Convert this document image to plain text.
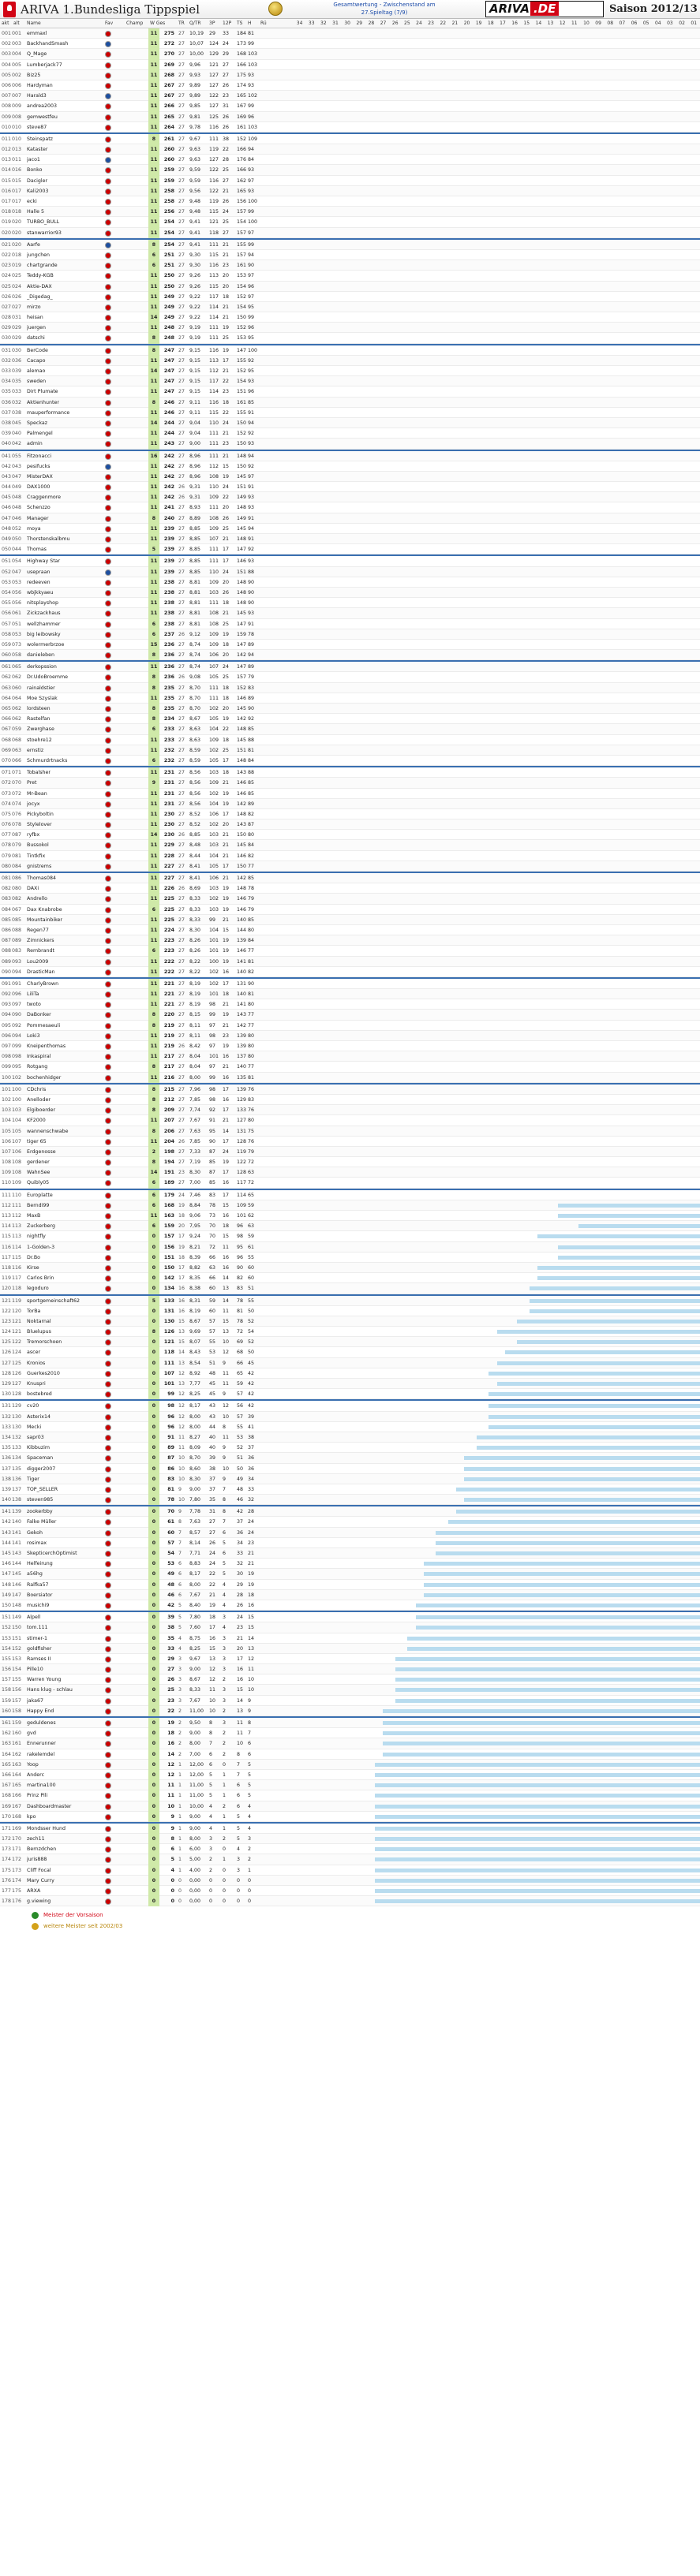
ARIVA 1.Bundesliga Tippspiel	Gesamtwertung - Zwischenstand am
27.Spieltag (7/9)	ARIVA .DE	Saison 2012/13
akt alt Name	Fav	Champ W Ges	TR Q/TR 3P 12P TS H Rü	34	33	32	31	30	29	28	27	26	25	24	23	22	21	20	19	18	17	16	15	14	13	12	11	10	09	08	07	06	05	04	03	02	01
001 001	emmaxl	11	275 27 10,19	29	33	184 81
002 003	BackhandSmash	11	272 27 10,07	124 24	173 99
003 004	Q_Mage	11	270 27 10,00	129 29	168 103
004 005	Lumberjack77	11	269 27 9,96	121 27	166 103
005 002	Biz25	11	268 27 9,93	127 27	175 93
006 006	Hardyman	11	267 27 9,89	127 26	174 93
007 007	Harald3	11	267 27 9,89	122 23	165 102
008 009	andrea2003	11	266 27 9,85	127 31	167 99
009 008	gemwestfeu	11	265 27 9,81	125 26	169 96
010 010	steve87	11	264 27 9,78	116 26	161 103
011 010	Steinspatz	8	261 27 9,67	111 38	152 109
012 013	Kataster	11	260 27 9,63	119 22	166 94
013 011	jaco1	11	260 27 9,63	127 28	176 84
014 016	Bonko	11	259 27 9,59	122 25	166 93
015 015	Dacigler	11	259 27 9,59	116 27	162 97
016 017	Kali2003	11	258 27 9,56	122 21	165 93
017 017	ecki	11	258 27 9,48	119 26	156 100
018 018	Halle 5	11	256 27 9,48	115 24	157 99
019 020	TURBO_BULL	11	254 27 9,41	121 25	154 100
020 020	stanwarrior93	11	254 27 9,41	118 27	157 97
021 020	Aarfe	8	254 27 9,41	111 21	155 99
022 018	jungchen	6	251 27 9,30	115 21	157 94
023 019	chartgrande	6	251 27 9,30	116 23	161 90
024 025	Teddy-KGB	11	250 27 9,26	113 20	153 97
025 024	Aktie-DAX	11	250 27 9,26	115 20	154 96
026 026	_Digedag_	11	249 27 9,22	117 18	152 97
027 027	mirzo	11	249 27 9,22	114 21	154 95
028 031	heisan	14	249 27 9,22	114 21	150 99
029 029	juergen	11	248 27 9,19	111 19	152 96
030 029	datschi	8	248 27 9,19	111 25	153 95
031 030	BerCode	8	247 27 9,15	116 19	147 100
032 036	Cacapo	11	247 27 9,15	113 17	155 92
033 039	alemao	14	247 27 9,15	112 21	152 95
034 035	sweden	11	247 27 9,15	117 22	154 93
035 033	Dirt Plumate	11	247 27 9,15	114 23	151 96
036 032	Aktienhunter	8	246 27 9,11	116 18	161 85
037 038	mauperformance	11	246 27 9,11	115 22	155 91
038 045	Speckaz	14	244 27 9,04	110 24	150 94
039 040	Palmengel	11	244 27 9,04	111 21	152 92
040 042	admin	11	243 27 9,00	111 23	150 93
041 055	Fitzonacci	16	242 27 8,96	111 21	148 94
042 043	pesifucks	11	242 27 8,96	112 15	150 92
043 047	MisterDAX	11	242 27 8,96	108 19	145 97
044 049	DAX1000	11	242 26 9,31	110 24	151 91
045 048	Craggenmore	11	242 26 9,31	109 22	149 93
046 048	Schenzzo	11	241 27 8,93	111 20	148 93
047 046	Manager	8	240 27 8,89	108 26	149 91
048 052	moya	11	239 27 8,85	109 25	145 94
049 050	Thorstenskalbmu	11	239 27 8,85	107 21	148 91
050 044	Thomas	5	239 27 8,85	111 17	147 92
051 054	Highway Star	11	239 27 8,85	111 17	146 93
052 047	usepraan	11	239 27 8,85	110 24	151 88
053 053	redeeven	11	238 27 8,81	109 20	148 90
054 056	wbjkkyaeu	11	238 27 8,81	103 26	148 90
055 056	nitsplayshop	11	238 27 8,81	111 18	148 90
056 061	Zickzackhaus	11	238 27 8,81	108 21	145 93
057 051	wellzhammer	6	238 27 8,81	108 25	147 91
058 053	big leibowsky	6	237 26 9,12	109 19	159 78
059 073	wolermerbrzoe	15	236 27 8,74	109 18	147 89
060 058	danieleben	8	236 27 8,74	106 20	142 94
061 065	derkopssion	11	236 27 8,74	107 24	147 89
062 062	Dr.UdoBroemme	8	236 26 9,08	105 25	157 79
063 060	rainaldstier	8	235 27 8,70	111 18	152 83
064 064	Moe Szyslak	11	235 27 8,70	111 18	146 89
065 062	lordsteen	8	235 27 8,70	102 20	145 90
066 062	Rastelfan	8	234 27 8,67	105 19	142 92
067 059	Zwerghase	6	233 27 8,63	104 22	148 85
068 068	stoehre12	11	233 27 8,63	109 18	145 88
069 063	ernstiz	11	232 27 8,59	102 25	151 81
070 066	Schmurdrtnacks	6	232 27 8,59	105 17	148 84
071 071	Tobalsher	11	231 27 8,56	103 18	143 88
072 070	Pret	9	231 27 8,56	109 21	146 85
073 072	Mr-Bean	11	231 27 8,56	102 19	146 85
074 074	jocyx	11	231 27 8,56	104 19	142 89
075 076	Pickyboltin	11	230 27 8,52	106 17	148 82
076 078	Stylelover	11	230 27 8,52	102 20	143 87
077 087	ryfbx	14	230 26 8,85	103 21	150 80
078 079	Bussokol	11	229 27 8,48	103 21	145 84
079 081	Tintkfix	11	228 27 8,44	104 21	146 82
080 084	gnistrems	11	227 27 8,41	105 17	150 77
081 086	Thomas084	11	227 27 8,41	106 21	142 85
082 080	DAXi	11	226 26 8,69	103 19	148 78
083 082	Andrello	11	225 27 8,33	102 19	146 79
084 067	Dax Knabrobe	6	225 27 8,33	103 19	146 79
085 085	Mountainbiker	11	225 27 8,33	99	21	140 85
086 088	Regen77	11	224 27 8,30	104 15	144 80
087 089	Zimnickers	11	223 27 8,26	101 19	139 84
088 083	Rembrandt	6	223 27 8,26	101 19	146 77
089 093	Lou2009	11	222 27 8,22	100 19	141 81
090 094	DrasticMan	11	222 27 8,22	102 16	140 82
091 091	CharlyBrown	11	221 27 8,19	102 17	131 90
092 096	LiliTa	11	221 27 8,19	101 18	140 81
093 097	twoto	11	221 27 8,19	98	21	141 80
094 090	DaBonker	8	220 27 8,15	99	19	143 77
095 092	Pommesaeuli	8	219 27 8,11	97	21	142 77
096 094	Loki3	11	219 27 8,11	98	23	139 80
097 099	Kneipenthomas	11	219 26 8,42	97	19	139 80
098 098	Inkaspiral	11	217 27 8,04	101 16	137 80
099 095	Rotgang	8	217 27 8,04	97	21	140 77
100 102	bochenhidger	11	216 27 8,00	99	16	135 81
101 100	CDchris	8	215 27 7,96	98	17	139 76
102 100	Anelloder	8	212 27 7,85	98	16	129 83
103 103	Elgiboerder	8	209 27 7,74	92	17	133 76
104 104	KF2000	11	207 27 7,67	91	21	127 80
105 105	wannenschwabe	8	206 27 7,63	95	14	131 75
106 107	tiger 65	11	204 26 7,85	90	17	128 76
107 106	Erdgenosse	2	198 27 7,33	87	24	119 79
108 108	gerdener	8	194 27 7,19	85	19	122 72
109 108	WahnSee	14	191 23 8,30	87	17	128 63
110 109	Quibly05	6	189 27 7,00	85	16	117 72
111 110	Europlatte	6	179 24 7,46	83	17	114 65
112 111	Berndi99	6	168 19 8,84	78	15	109 59
113 112	MaxB	11	163 18 9,06	73	16	101 62
114 113	Zuckerberg	6	159 20 7,95	70	18	96 63
115 113	nightfly	0	157 17 9,24	70	15	98 59
116 114	1-Golden-3	0	156 19 8,21	72	11	95 61
117 115	Dr.Bo	0	151 18 8,39	66	16	96 55
118 116	Kirse	0	150 17 8,82	63	16	90 60
119 117	Carlos Brin	0	142 17 8,35	66	14	82 60
120 118	legoduro	0	134 16 8,38	60	13	83 51
121 119	sportgemeinschaft62	5	133 16 8,31	59	14	78 55
122 120	TorBa	0	131 16 8,19	60	11	81 50
123 121	Noktarnal	0	130 15 8,67	57	15	78 52
124 121	Bluelupus	8	126 13 9,69	57	13	72 54
125 122	Tremorschoen	0	121 15 8,07	55	10	69 52
126 124	ascer	0	118 14 8,43	53	12	68 50
127 125	Kronios	0	111 13 8,54	51	9	66 45
128 126	Guerkes2010	0	107 12 8,92	48	11	65 42
129 127	Knuspri	0	101 13 7,77	45	11	59 42
130 128	bostebred	0	99 12 8,25	45	9	57 42
131 129	cv20	0	98 12 8,17	43	12	56 42
132 130	Asterix14	0	96 12 8,00	43	10	57 39
133 130	Mecki	0	96 12 8,00	44	8	55 41
134 132	sapr03	0	91 11 8,27	40	11	53 38
135 133	Kibbuzim	0	89 11 8,09	40	9	52 37
136 134	Spaceman	0	87 10 8,70	39	9	51 36
137 135	digger2007	0	86 10 8,60	38	10	50 36
138 136	Tiger	0	83 10 8,30	37	9	49 34
139 137	TOP_SELLER	0	81 9	9,00	37	7	48 33
140 138	steven985	0	78 10 7,80	35	8	46 32
141 139	zookerbby	0	70 9	7,78	31	8	42 28
142 140	Falke Müller	0	61 8	7,63	27	7	37 24
143 141	Gekoh	0	60 7	8,57	27	6	36 24
144 141	rosimax	0	57 7	8,14	26	5	34 23
145 143	SkepticerchOptimist	0	54 7	7,71	24	6	33 21
146 144	Helfeirung	0	53 6	8,83	24	5	32 21
147 145	a56hg	0	49 6	8,17	22	5	30 19
148 146	Ralfka57	0	48 6	8,00	22	4	29 19
149 147	Boersiator	0	46 6	7,67	21	4	28 18
150 148	musichi9	0	42 5	8,40	19	4	26 16
151 149	Alpell	0	39 5	7,80	18	3	24 15
152 150	tom.111	0	38 5	7,60	17	4	23 15
153 151	stimer-1	0	35 4	8,75	16	3	21 14
154 152	goldfisher	0	33 4	8,25	15	3	20 13
155 153	Ramses II	0	29 3	9,67	13	3	17 12
156 154	Pille10	0	27 3	9,00	12	3	16 11
157 155	Warren Young	0	26 3	8,67	12	2	16 10
158 156	Hans klug - schlau	0	25 3	8,33	11	3	15 10
159 157	jaka67	0	23 3	7,67	10	3	14 9
160 158	Happy End	0	22 2	11,00	10	2	13 9
161 159	geduldenes	0	19 2	9,50	8	3	11 8
162 160	gvd	0	18 2	9,00	8	2	11 7
163 161	Ennerunner	0	16 2	8,00	7	2	10 6
164 162	rakelemdel	0	14 2	7,00	6	2	8	6
165 163	Yoop	0	12 1	12,00	6	0	7	5
166 164	Anderc	0	12 1	12,00	5	1	7	5
167 165	martina100	0	11 1	11,00	5	1	6	5
168 166	Prinz Pili	0	11 1	11,00	5	1	6	5
169 167	Dashboardmaster	0	10 1	10,00	4	2	6	4
170 168	kpo	0	9 1	9,00	4	1	5	4
171 169	Mondsser Hund	0	9 1	9,00	4	1	5	4
172 170	zech11	0	8 1	8,00	3	2	5	3
173 171	Bernzdchen	0	6 1	6,00	3	0	4	2
174 172	juris888	0	5 1	5,00	2	1	3	2
175 173	Cliff Focal	0	4 1	4,00	2	0	3	1
176 174	Mary Curry	0	0 0	0,00	0	0	0	0
177 175	ARXA	0	0 0	0,00	0	0	0	0
178 176	g.viewing	0	0 0	0,00	0	0	0	0
Meister der Vorsaison
weitere Meister seit 2002/03
